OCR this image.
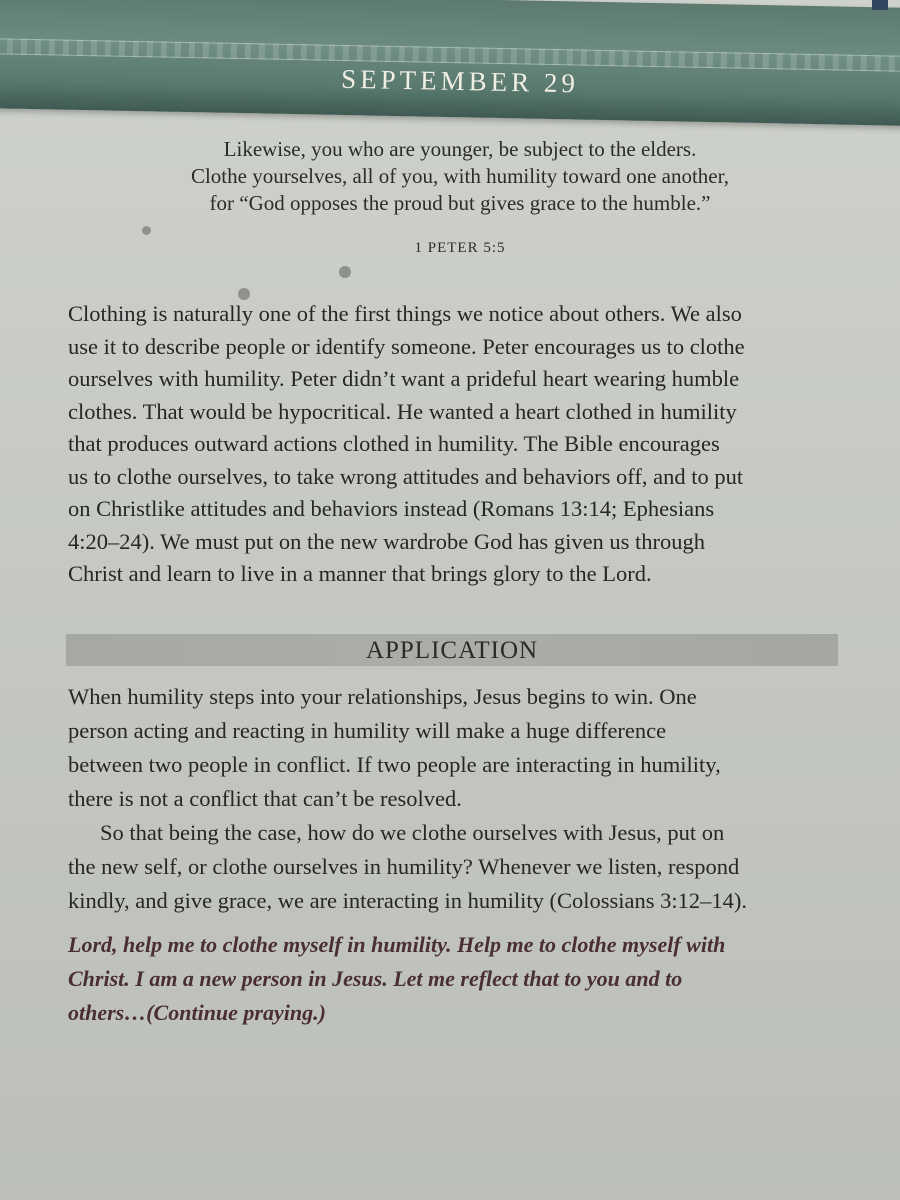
SEPTEMBER 29
Likewise, you who are younger, be subject to the elders.
Clothe yourselves, all of you, with humility toward one another,
for “God opposes the proud but gives grace to the humble.”
1 PETER 5:5
Clothing is naturally one of the first things we notice about others. We also
use it to describe people or identify someone. Peter encourages us to clothe
ourselves with humility. Peter didn’t want a prideful heart wearing humble
clothes. That would be hypocritical. He wanted a heart clothed in humility
that produces outward actions clothed in humility. The Bible encourages
us to clothe ourselves, to take wrong attitudes and behaviors off, and to put
on Christlike attitudes and behaviors instead (Romans 13:14; Ephesians
4:20–24). We must put on the new wardrobe God has given us through
Christ and learn to live in a manner that brings glory to the Lord.
APPLICATION
When humility steps into your relationships, Jesus begins to win. One
person acting and reacting in humility will make a huge difference
between two people in conflict. If two people are interacting in humility,
there is not a conflict that can’t be resolved.
So that being the case, how do we clothe ourselves with Jesus, put on
the new self, or clothe ourselves in humility? Whenever we listen, respond
kindly, and give grace, we are interacting in humility (Colossians 3:12–14).
Lord, help me to clothe myself in humility. Help me to clothe myself with
Christ. I am a new person in Jesus. Let me reflect that to you and to
others…(Continue praying.)
